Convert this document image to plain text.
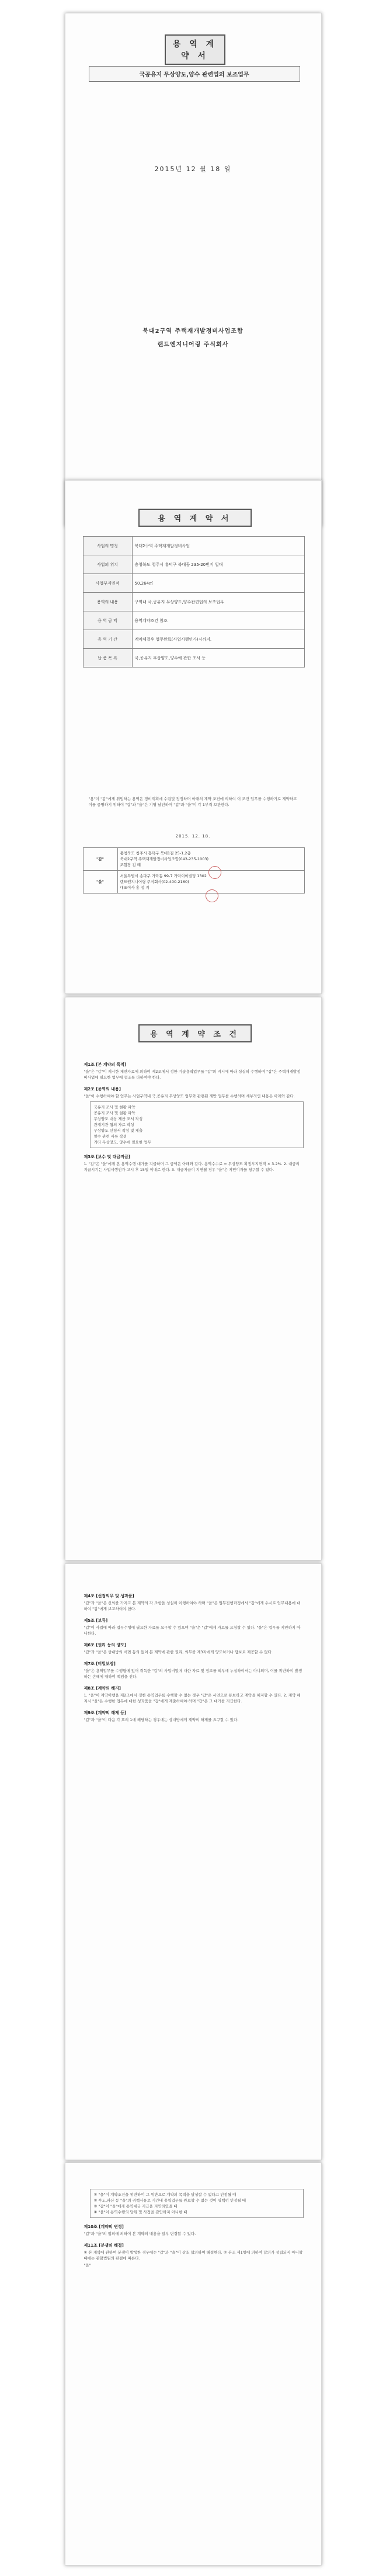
용 역 계 약 서
국공유지 무상양도,양수 관련업의 보조업무
2015년 12 월 18 일
북대2구역 주택재개발정비사업조합
랜드엔지니어링 주식회사
용 역 계 약 서
사업의 명칭	북대2구역 주택재개발정비사업
사업의 위치	충청북도 청주시 흥덕구 북대동 235-20번지 일대
사업부지면적	50,264㎡
용역의 내용	구역내 국,공유지 무상양도,양수관련업의 보조업무
용 역 금 액	용역계약조건 참조
용 역 기 간	계약체결후 업무완료(사업시행인가)시까지.
납 품 목 록	국,공유지 무상양도,양수에 관한 조서 등
"용"이 "갑"에게 위임하는 용역은 정비계획에 수립및 정정하며 아래의 계약 조건에 의하여 이 조건 업무를 수행하기로 계약하고 이를 증명하기 위하여 "갑"과 "을"은 기명 날인하며 "갑"과 "을"이 각 1부씩 보관한다.
2015. 12. 18.
"갑"	충청북도 청주시 흥덕구 북대1길 25-1,2층
북대2구역 주택재개발정비사업조합(043-235-1003)
조합장 김 태
"을"	서울특별시 송파구 가락동 99-7 가락이이빌딩 1302
랜드엔지니어링 주식회사(02-400-2160)
대표이사 홍 성 지
용 역 계 약 조 건
제1조 [본 계약의 목적]

"을"은 "갑"이 제시한 제반자료에 의하여 제2조에서 정한 기술용역업무를 "갑"의 지시에 따라 성실히 수행하며 "갑"은 주택재개발정비사업에 필요한 업무에 협조를 다하여야 한다.

제2조 [용역의 내용]

"을"이 수행하여야 할 업무는 사업구역내 국,공유지 무상양도 업무와 관련된 제반 업무를 수행하며 세부적인 내용은 아래와 같다.

국유지 조사 및 현황 파악

공유지 조사 및 현황 파악

무상양도 대상 재산 조서 작성

관계기관 협의 자료 작성

무상양도 신청서 작성 및 제출

양수 관련 서류 작성

기타 무상양도, 양수에 필요한 업무

제3조 [보수 및 대금지급]

1. "갑"은 "을"에게 본 용역수행 대가를 지급하며 그 금액은 아래와 같다. 용역수수료 = 무상양도 확정부지면적 × 3.2%. 2. 대금의 지급시기는 사업시행인가 고시 후 15일 이내로 한다. 3. 대금지급이 지연될 경우 "을"은 지연이자를 청구할 수 있다.

제4조 [선정의무 및 성과품]

"갑"과 "을"은 신의를 가지고 본 계약의 각 조항을 성실히 이행하여야 하며 "을"은 업무진행과정에서 "갑"에게 수시로 업무내용에 대하여 "갑"에게 보고하여야 한다.

제5조 [보류]

"갑"이 사업에 따라 업무수행에 필요한 자료를 요구할 수 있으며 "을"은 "갑"에게 자료를 요청할 수 있다. "을"은 업무를 지연하지 아니한다.

제6조 [권리 등의 양도]

"갑"과 "을"은 상대방의 서면 동의 없이 본 계약에 관한 권리, 의무를 제3자에게 양도하거나 담보로 제공할 수 없다.

제7조 [비밀보장]

"을"은 용역업무를 수행함에 있어 취득한 "갑"의 사업비밀에 대한 자료 및 정보를 외부에 누설하여서는 아니되며, 이를 위반하여 발생하는 손해에 대하여 책임을 진다.

제8조 [계약의 해지]

1. "을"이 계약이행을 제2조에서 정한 용역업무를 수행할 수 없는 경우 "갑"은 서면으로 통보하고 계약을 해지할 수 있다. 2. 계약 해지시 "을"은 수행한 업무에 대한 성과품을 "갑"에게 제출하여야 하며 "갑"은 그 대가를 지급한다.

제9조 [계약의 해제 등]

"갑"과 "을"이 다음 각 호의 1에 해당하는 경우에는 상대방에게 계약의 해제를 요구할 수 있다.

① "을"이 계약조건을 위반하여 그 위반으로 계약의 목적을 달성할 수 없다고 인정될 때

② 부도,파산 등 "을"의 귀책사유로 기간내 용역업무를 완료할 수 없는 것이 명백히 인정될 때

③ "갑"이 "을"에게 용역대금 지급을 지연하였을 때

④ "을"이 용역수행의 당위 및 사정을 감안하지 아니한 때

제10조 [계약의 변경]

"갑"과 "을"의 합의에 의하여 본 계약의 내용을 일부 변경할 수 있다.

제11조 [분쟁의 해결]

① 본 계약에 관하여 분쟁이 발생한 경우에는 "갑"과 "을"이 상호 협의하여 해결한다. ② 본조 제1항에 의하여 합의가 성립되지 아니할 때에는 관할법원의 판결에 따른다.

"을"
